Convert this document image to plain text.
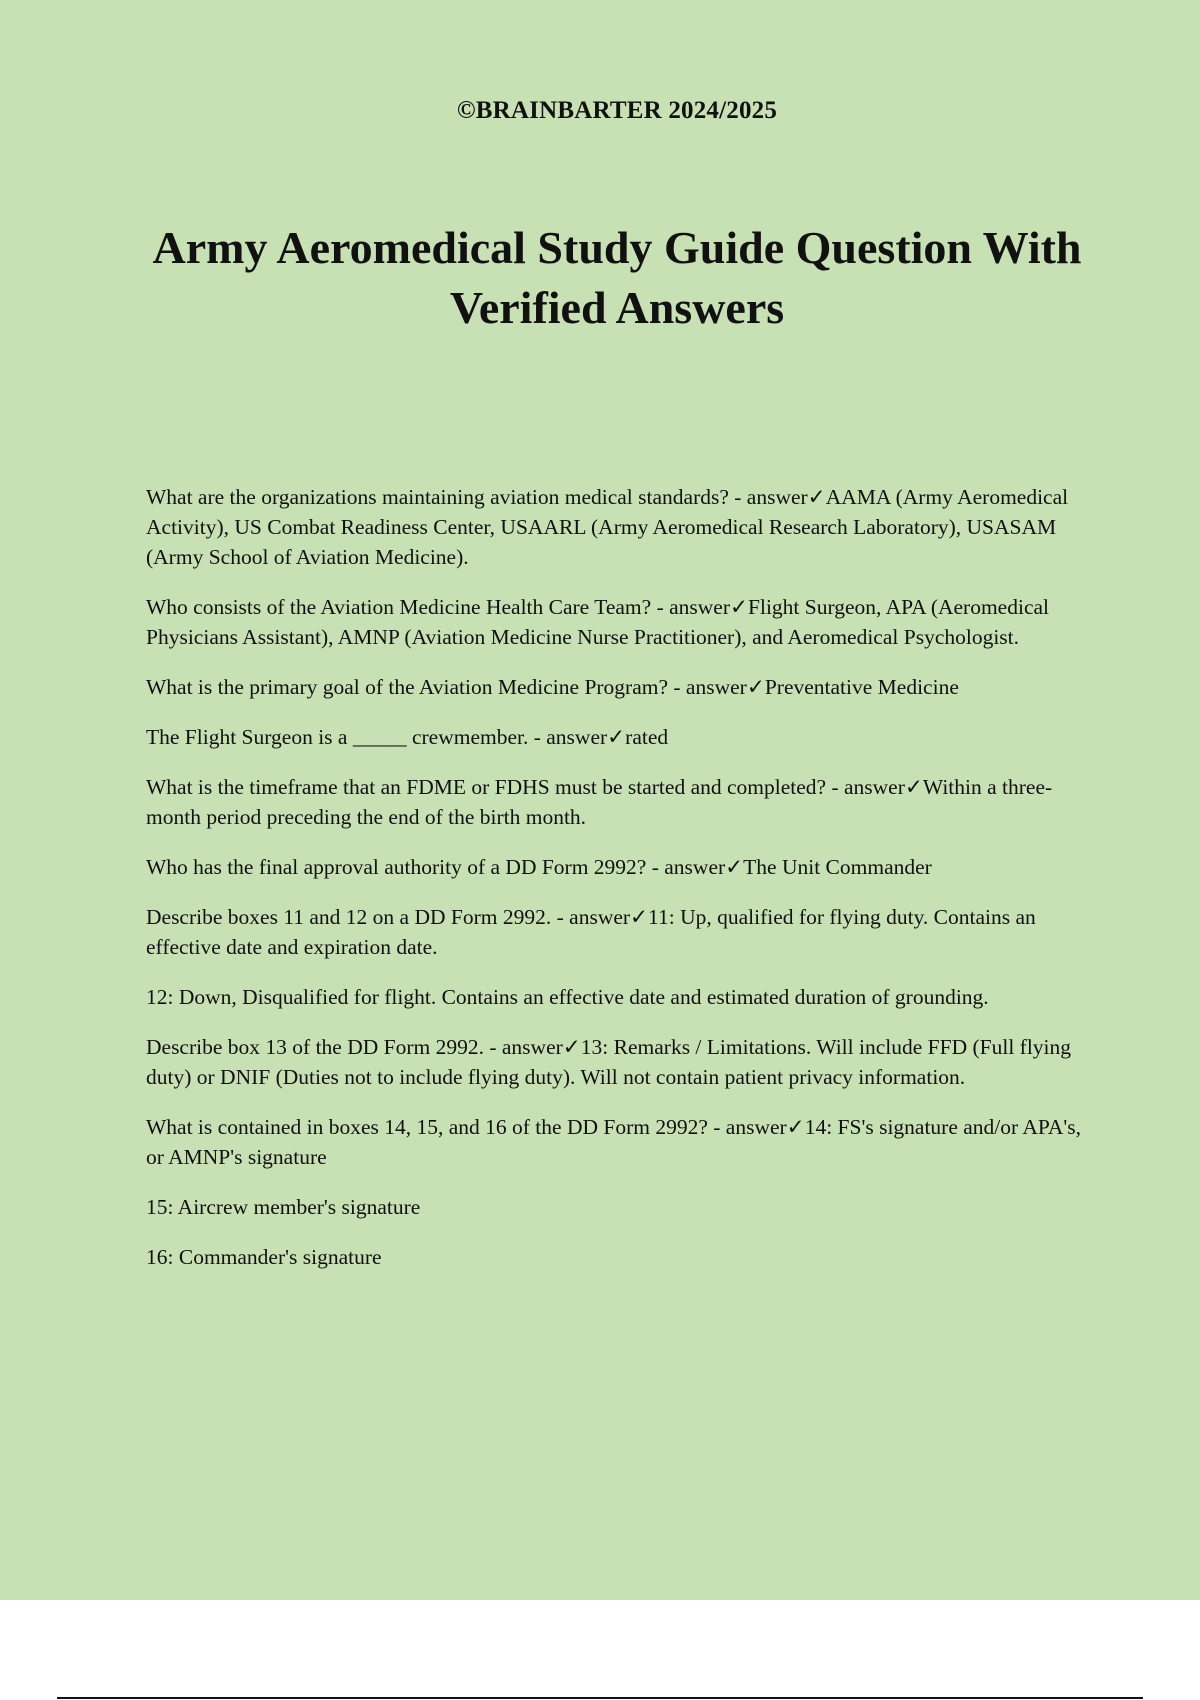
©BRAINBARTER 2024/2025
Army Aeromedical Study Guide Question With Verified Answers

What are the organizations maintaining aviation medical standards? - answer✓AAMA (Army Aeromedical Activity), US Combat Readiness Center, USAARL (Army Aeromedical Research Laboratory), USASAM (Army School of Aviation Medicine).

Who consists of the Aviation Medicine Health Care Team? - answer✓Flight Surgeon, APA (Aeromedical Physicians Assistant), AMNP (Aviation Medicine Nurse Practitioner), and Aeromedical Psychologist.

What is the primary goal of the Aviation Medicine Program? - answer✓Preventative Medicine

The Flight Surgeon is a _____ crewmember. - answer✓rated

What is the timeframe that an FDME or FDHS must be started and completed? - answer✓Within a three-month period preceding the end of the birth month.

Who has the final approval authority of a DD Form 2992? - answer✓The Unit Commander

Describe boxes 11 and 12 on a DD Form 2992. - answer✓11: Up, qualified for flying duty. Contains an effective date and expiration date.

12: Down, Disqualified for flight. Contains an effective date and estimated duration of grounding.

Describe box 13 of the DD Form 2992. - answer✓13: Remarks / Limitations. Will include FFD (Full flying duty) or DNIF (Duties not to include flying duty). Will not contain patient privacy information.

What is contained in boxes 14, 15, and 16 of the DD Form 2992? - answer✓14: FS's signature and/or APA's, or AMNP's signature

15: Aircrew member's signature

16: Commander's signature
